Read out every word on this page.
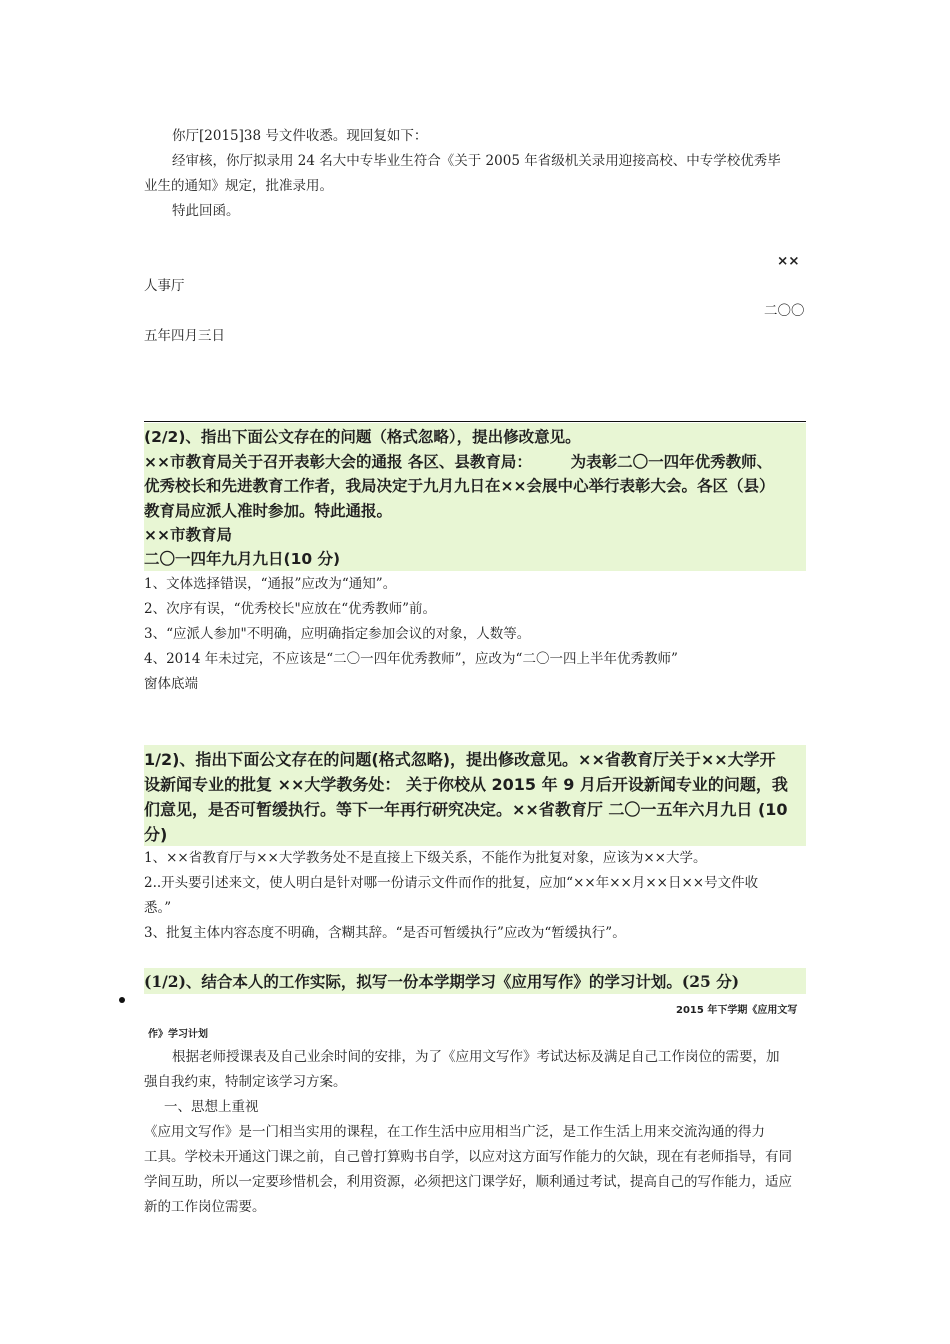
你厅[2015]38 号文件收悉。现回复如下：
经审核，你厅拟录用 24 名大中专毕业生符合《关于 2005 年省级机关录用迎接高校、中专学校优秀毕
业生的通知》规定，批准录用。
特此回函。
××
人事厅
二〇〇
五年四月三日
(2/2)、指出下面公文存在的问题（格式忽略），提出修改意见。
××市教育局关于召开表彰大会的通报 各区、县教育局：　　　为表彰二〇一四年优秀教师、
优秀校长和先进教育工作者，我局决定于九月九日在××会展中心举行表彰大会。各区（县）
教育局应派人准时参加。特此通报。
××市教育局
二〇一四年九月九日(10 分)
1、文体选择错误，“通报”应改为“通知”。
2、次序有误，“优秀校长"应放在“优秀教师”前。
3、“应派人参加"不明确，应明确指定参加会议的对象，人数等。
4、2014 年未过完，不应该是“二〇一四年优秀教师”，应改为“二〇一四上半年优秀教师”
窗体底端
1/2)、指出下面公文存在的问题(格式忽略)，提出修改意见。××省教育厅关于××大学开
设新闻专业的批复 ××大学教务处： 关于你校从 2015 年 9 月后开设新闻专业的问题，我
们意见，是否可暂缓执行。等下一年再行研究决定。××省教育厅 二〇一五年六月九日 (10
分)
1、××省教育厅与××大学教务处不是直接上下级关系，不能作为批复对象，应该为××大学。
2..开头要引述来文，使人明白是针对哪一份请示文件而作的批复，应加“××年××月××日××号文件收
悉。”
3、批复主体内容态度不明确，含糊其辞。“是否可暂缓执行”应改为“暂缓执行”。
(1/2)、结合本人的工作实际，拟写一份本学期学习《应用写作》的学习计划。(25 分)
2015 年下学期《应用文写
作》学习计划
根据老师授课表及自己业余时间的安排，为了《应用文写作》考试达标及满足自己工作岗位的需要，加
强自我约束，特制定该学习方案。
一、思想上重视
《应用文写作》是一门相当实用的课程，在工作生活中应用相当广泛，是工作生活上用来交流沟通的得力
工具。学校未开通这门课之前，自己曾打算购书自学，以应对这方面写作能力的欠缺，现在有老师指导，有同
学间互助，所以一定要珍惜机会，利用资源，必须把这门课学好，顺利通过考试，提高自己的写作能力，适应
新的工作岗位需要。
